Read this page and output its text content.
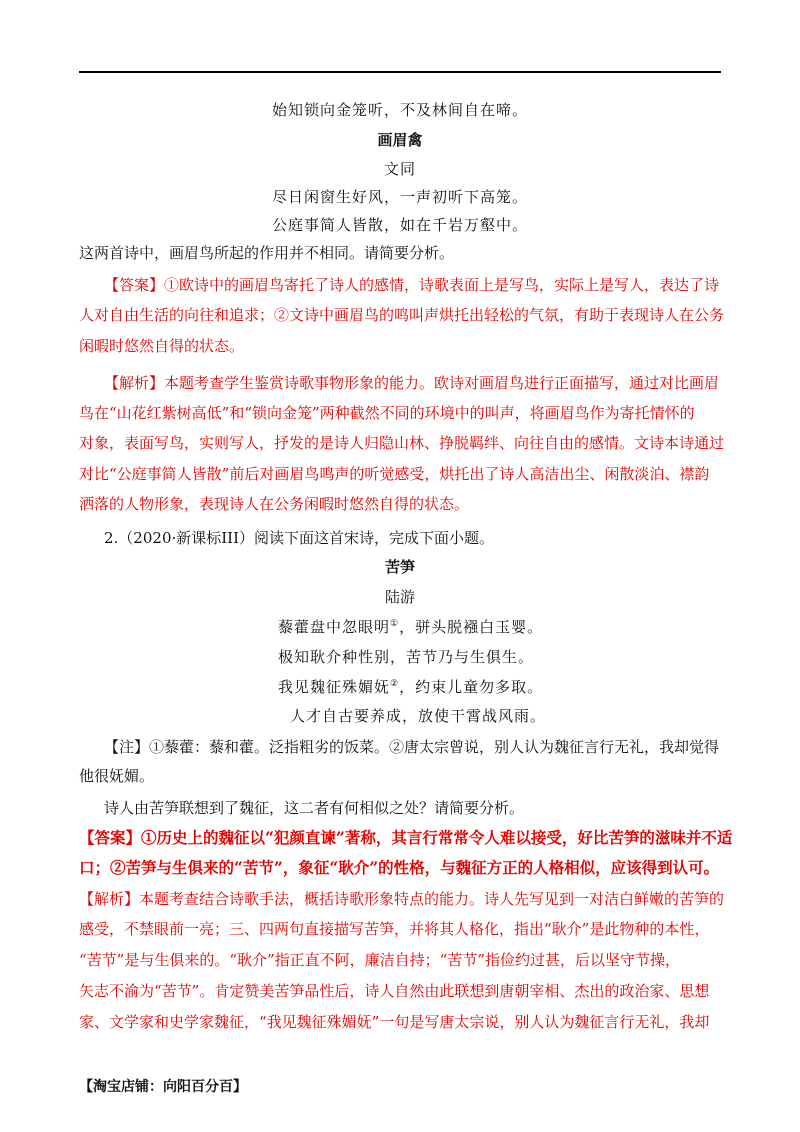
始知锁向金笼听，不及林间自在啼。
画眉禽
文同
尽日闲窗生好风，一声初听下高笼。
公庭事简人皆散，如在千岩万壑中。
这两首诗中，画眉鸟所起的作用并不相同。请简要分析。
【答案】①欧诗中的画眉鸟寄托了诗人的感情，诗歌表面上是写鸟，实际上是写人，表达了诗
人对自由生活的向往和追求；②文诗中画眉鸟的鸣叫声烘托出轻松的气氛，有助于表现诗人在公务
闲暇时悠然自得的状态。
【解析】本题考查学生鉴赏诗歌事物形象的能力。欧诗对画眉鸟进行正面描写，通过对比画眉
鸟在“山花红紫树高低”和“锁向金笼”两种截然不同的环境中的叫声，将画眉鸟作为寄托情怀的
对象，表面写鸟，实则写人，抒发的是诗人归隐山林、挣脱羁绊、向往自由的感情。文诗本诗通过
对比“公庭事简人皆散”前后对画眉鸟鸣声的听觉感受，烘托出了诗人高洁出尘、闲散淡泊、襟韵
洒落的人物形象，表现诗人在公务闲暇时悠然自得的状态。
2.（2020·新课标III）阅读下面这首宋诗，完成下面小题。
苦笋
陆游
藜藿盘中忽眼明①，骈头脱襁白玉婴。
极知耿介种性别，苦节乃与生俱生。
我见魏征殊媚妩②，约束儿童勿多取。
人才自古要养成，放使干霄战风雨。
【注】①藜藿：藜和藿。泛指粗劣的饭菜。②唐太宗曾说，别人认为魏征言行无礼，我却觉得
他很妩媚。
诗人由苦笋联想到了魏征，这二者有何相似之处？请简要分析。
【答案】①历史上的魏征以“犯颜直谏”著称，其言行常常令人难以接受，好比苦笋的滋味并不适
口；②苦笋与生俱来的“苦节”，象征“耿介”的性格，与魏征方正的人格相似，应该得到认可。
【解析】本题考查结合诗歌手法，概括诗歌形象特点的能力。诗人先写见到一对洁白鲜嫩的苦笋的
感受，不禁眼前一亮；三、四两句直接描写苦笋，并将其人格化，指出“耿介”是此物种的本性，
“苦节”是与生俱来的。“耿介”指正直不阿，廉洁自持；“苦节”指俭约过甚，后以坚守节操，
矢志不渝为“苦节”。肯定赞美苦笋品性后，诗人自然由此联想到唐朝宰相、杰出的政治家、思想
家、文学家和史学家魏征，“我见魏征殊媚妩”一句是写唐太宗说，别人认为魏征言行无礼，我却
【淘宝店铺：向阳百分百】
